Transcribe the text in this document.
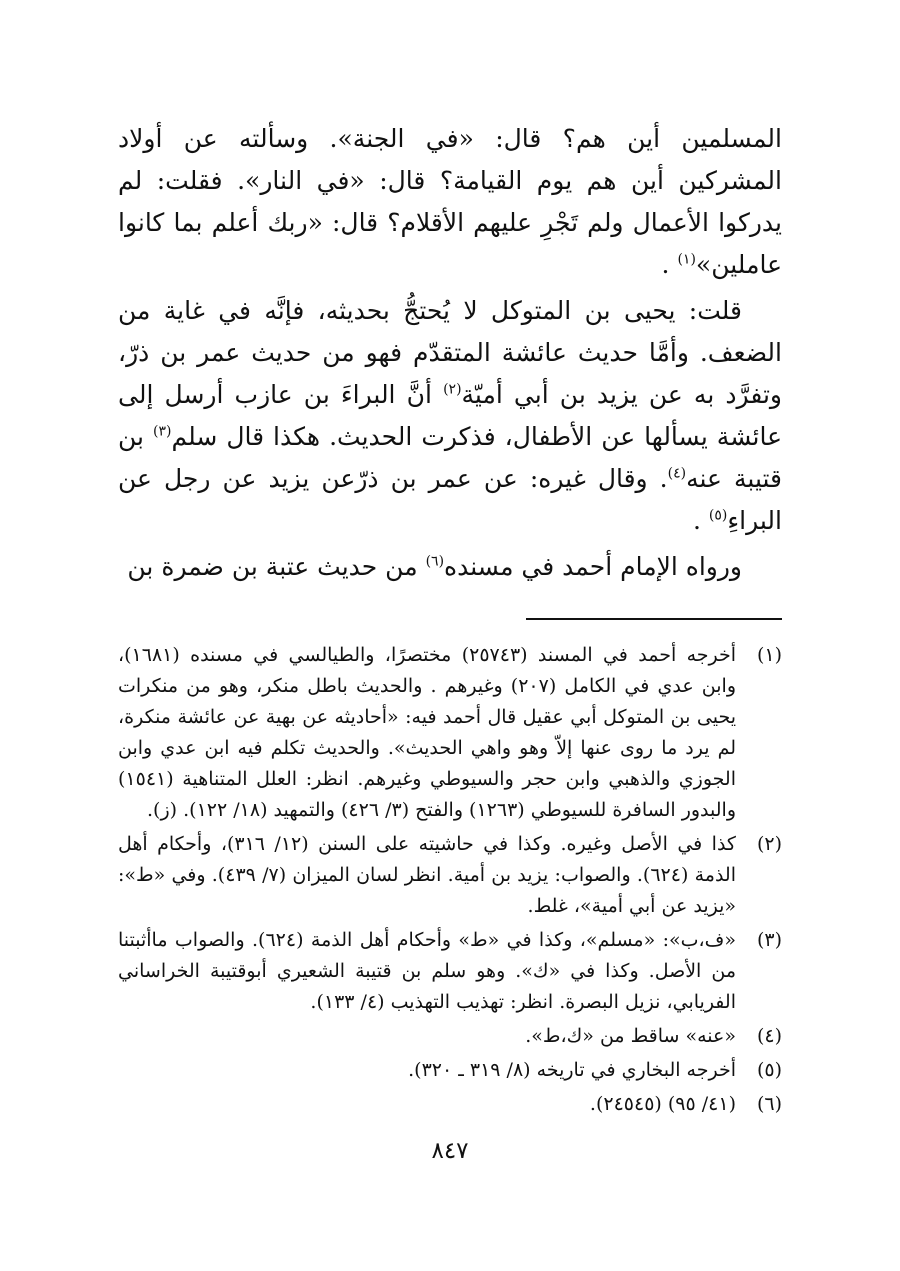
المسلمين أين هم؟ قال: «في الجنة». وسألته عن أولاد المشركين أين هم يوم القيامة؟ قال: «في النار». فقلت: لم يدركوا الأعمال ولم تَجْرِ عليهم الأقلام؟ قال: «ربك أعلم بما كانوا عاملين»$^{(١)}$ .

قلت: يحيى بن المتوكل لا يُحتجُّ بحديثه، فإنَّه في غاية من الضعف. وأمَّا حديث عائشة المتقدّم فهو من حديث عمر بن ذرّ، وتفرَّد به عن يزيد بن أبي أميّة$^{(٢)}$ أنَّ البراءَ بن عازب أرسل إلى عائشة يسألها عن الأطفال، فذكرت الحديث. هكذا قال سلم$^{(٣)}$ بن قتيبة عنه$^{(٤)}$. وقال غيره: عن عمر بن ذرّعن يزيد عن رجل عن البراءِ$^{(٥)}$ .

ورواه الإمام أحمد في مسنده$^{(٦)}$ من حديث عتبة بن ضمرة بن

(١)
أخرجه أحمد في المسند (٢٥٧٤٣) مختصرًا، والطيالسي في مسنده (١٦٨١)، وابن عدي في الكامل (٢٠٧) وغيرهم . والحديث باطل منكر، وهو من منكرات يحيى بن المتوكل أبي عقيل قال أحمد فيه: «أحاديثه عن بهية عن عائشة منكرة، لم يرد ما روى عنها إلاّ وهو واهي الحديث». والحديث تكلم فيه ابن عدي وابن الجوزي والذهبي وابن حجر والسيوطي وغيرهم. انظر: العلل المتناهية (١٥٤١) والبدور السافرة للسيوطي (١٢٦٣) والفتح (٣/ ٤٢٦) والتمهيد (١٨/ ١٢٢). (ز).
(٢)
كذا في الأصل وغيره. وكذا في حاشيته على السنن (١٢/ ٣١٦)، وأحكام أهل الذمة (٦٢٤). والصواب: يزيد بن أمية. انظر لسان الميزان (٧/ ٤٣٩). وفي «ط»: «يزيد عن أبي أمية»، غلط.
(٣)
«ف،ب»: «مسلم»، وكذا في «ط» وأحكام أهل الذمة (٦٢٤). والصواب ماأثبتنا من الأصل. وكذا في «ك». وهو سلم بن قتيبة الشعيري أبوقتيبة الخراساني الفريابي، نزيل البصرة. انظر: تهذيب التهذيب (٤/ ١٣٣).
(٤)
«عنه» ساقط من «ك،ط».
(٥)
أخرجه البخاري في تاريخه (٨/ ٣١٩ ـ ٣٢٠).
(٦)
(٤١/ ٩٥) (٢٤٥٤٥).
٨٤٧
